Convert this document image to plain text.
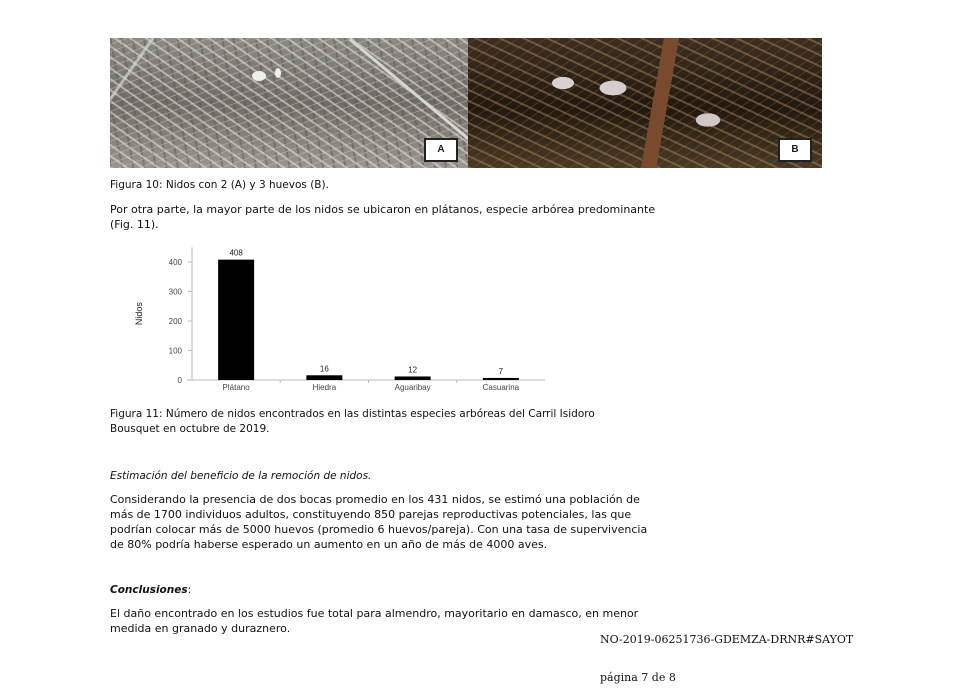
A	B
Figura 10: Nidos con 2 (A) y 3 huevos (B).
Por otra parte, la mayor parte de los nidos se ubicaron en plátanos, especie arbórea predominante
(Fig. 11).
0
100
200
300
400
408
16	12	7
Plátano	Hiedra	Aguaribay	Casuarina
Nidos
Figura 11: Número de nidos encontrados en las distintas especies arbóreas del Carril Isidoro
Bousquet en octubre de 2019.
Estimación del beneficio de la remoción de nidos.
Considerando la presencia de dos bocas promedio en los 431 nidos, se estimó una población de
más de 1700 individuos adultos, constituyendo 850 parejas reproductivas potenciales, las que
podrían colocar más de 5000 huevos (promedio 6 huevos/pareja). Con una tasa de supervivencia
de 80% podría haberse esperado un aumento en un año de más de 4000 aves.
Conclusiones:
El daño encontrado en los estudios fue total para almendro, mayoritario en damasco, en menor
medida en granado y duraznero.
NO-2019-06251736-GDEMZA-DRNR#SAYOT
página 7 de 8
